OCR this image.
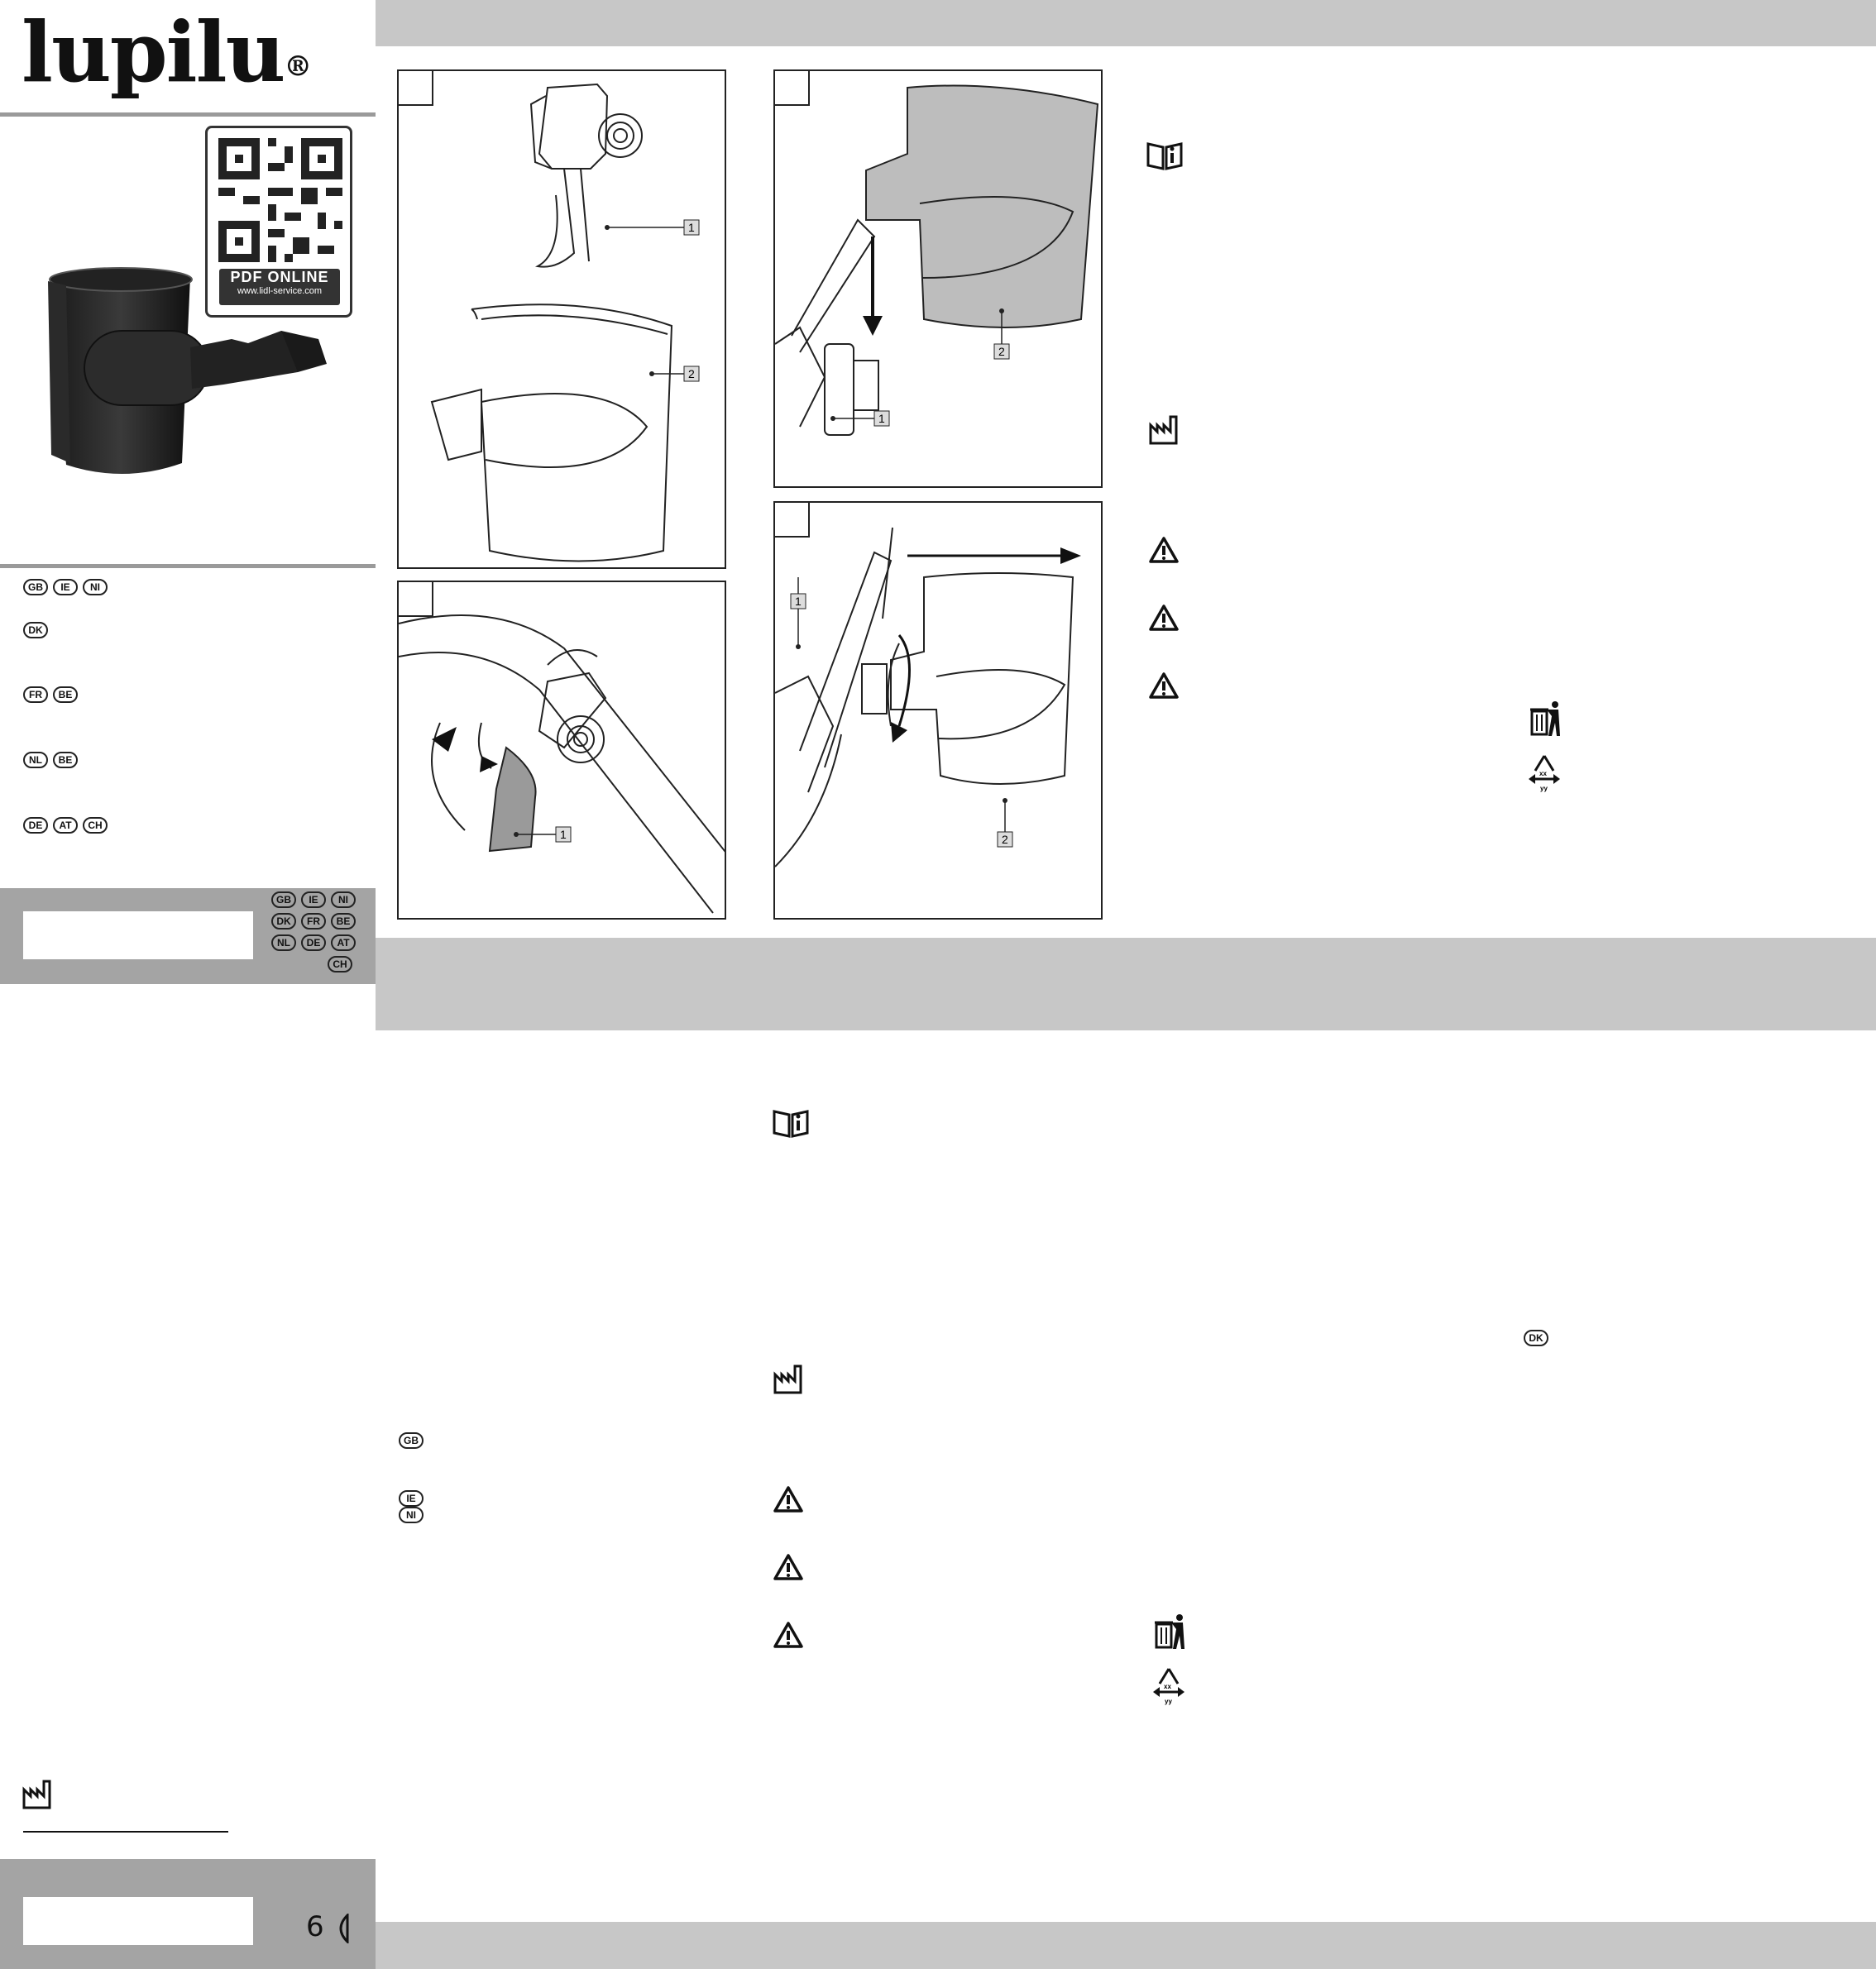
lupilu®
PDF ONLINE
www.lidl-service.com
GB IE NI
DK
FR BE
NL BE
DE AT CH
GB IE NI
DK FR BE
NL DE AT
CH
6
1
2
2
1
1
1
2
xx
yy
GB
IE
NI
xx
yy
DK
